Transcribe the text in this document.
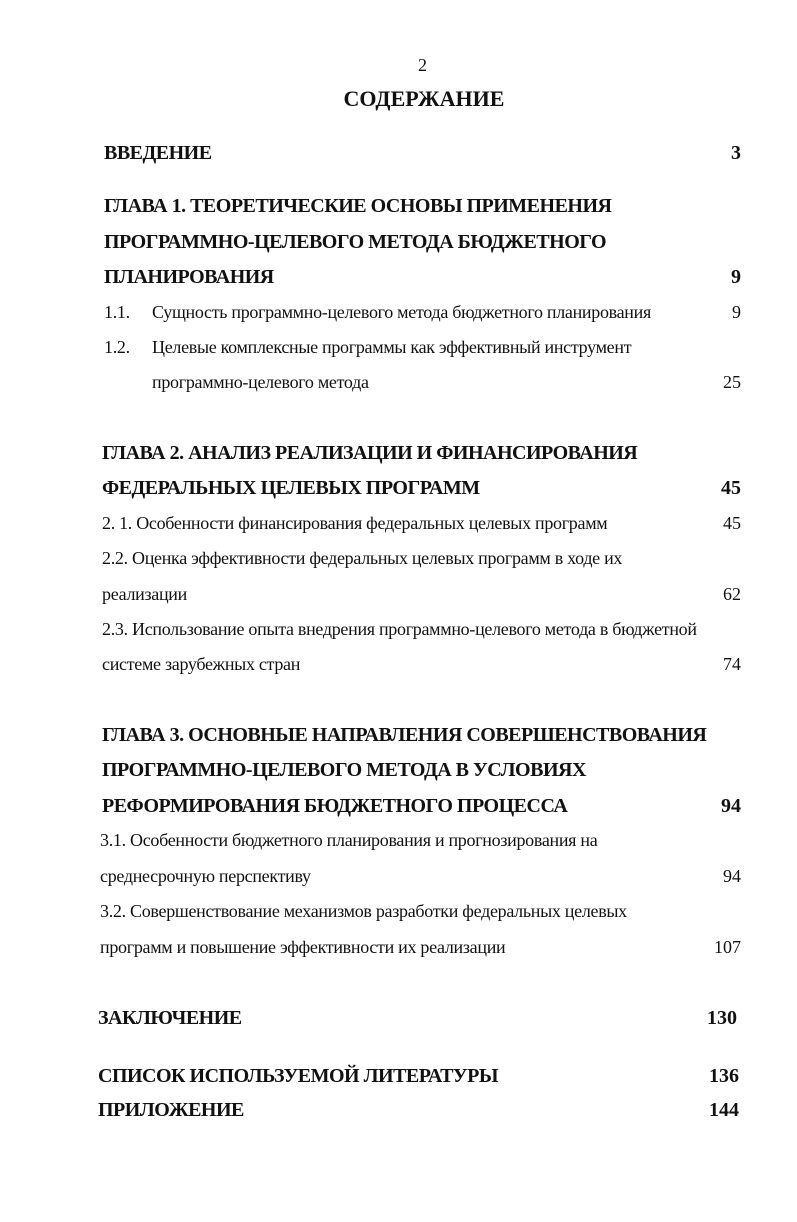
2
СОДЕРЖАНИЕ
ВВЕДЕНИЕ	3
ГЛАВА 1. ТЕОРЕТИЧЕСКИЕ ОСНОВЫ ПРИМЕНЕНИЯ
ПРОГРАММНО-ЦЕЛЕВОГО МЕТОДА БЮДЖЕТНОГО
ПЛАНИРОВАНИЯ	9
1.1. Сущность программно-целевого метода бюджетного планирования	9
1.2. Целевые комплексные программы как эффективный инструмент
программно-целевого метода	25
ГЛАВА 2. АНАЛИЗ РЕАЛИЗАЦИИ И ФИНАНСИРОВАНИЯ
ФЕДЕРАЛЬНЫХ ЦЕЛЕВЫХ ПРОГРАММ	45
2. 1. Особенности финансирования федеральных целевых программ	45
2.2. Оценка эффективности федеральных целевых программ в ходе их
реализации	62
2.3. Использование опыта внедрения программно-целевого метода в бюджетной
системе зарубежных стран	74
ГЛАВА 3. ОСНОВНЫЕ НАПРАВЛЕНИЯ СОВЕРШЕНСТВОВАНИЯ
ПРОГРАММНО-ЦЕЛЕВОГО МЕТОДА В УСЛОВИЯХ
РЕФОРМИРОВАНИЯ БЮДЖЕТНОГО ПРОЦЕССА	94
3.1. Особенности бюджетного планирования и прогнозирования на
среднесрочную перспективу	94
3.2. Совершенствование механизмов разработки федеральных целевых
программ и повышение эффективности их реализации	107
ЗАКЛЮЧЕНИЕ	130
СПИСОК ИСПОЛЬЗУЕМОЙ ЛИТЕРАТУРЫ	136
ПРИЛОЖЕНИЕ	144
